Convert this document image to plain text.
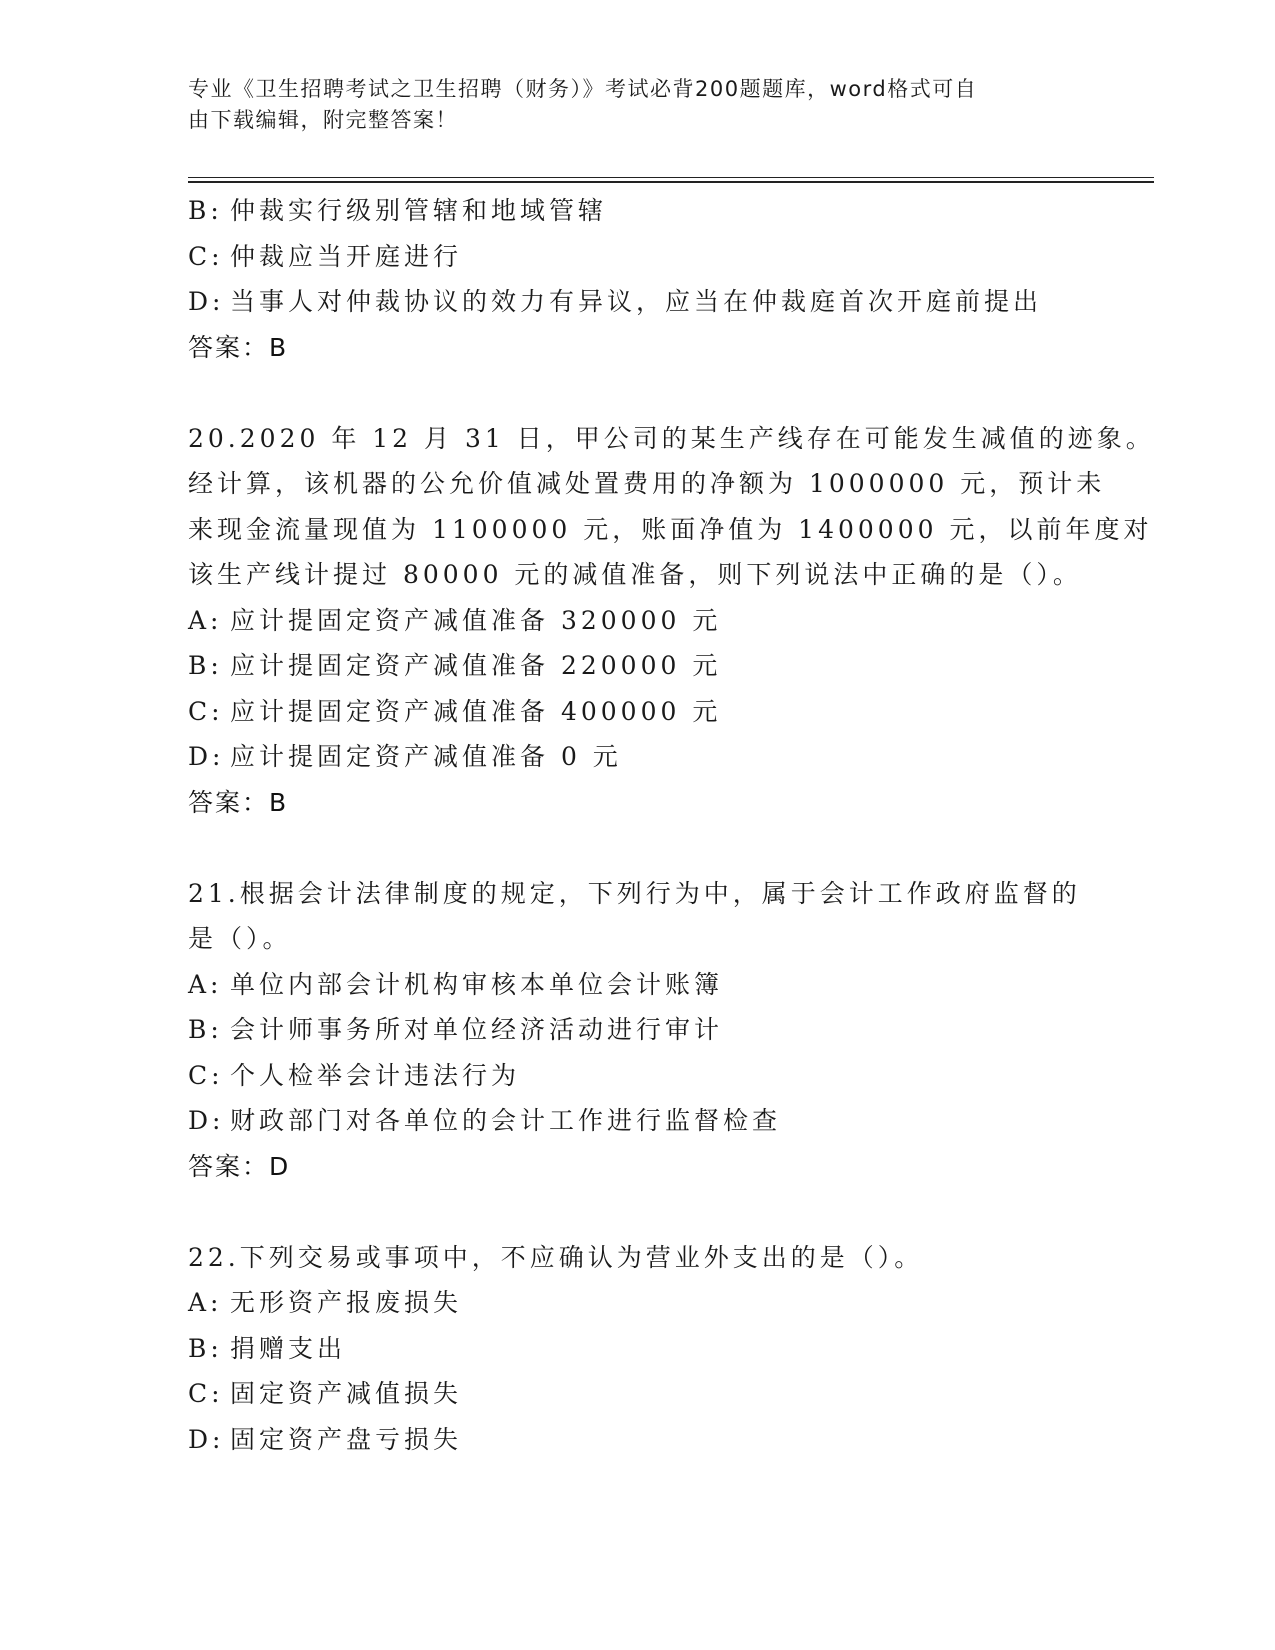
专业《卫生招聘考试之卫生招聘（财务）》考试必背200题题库，word格式可自
由下载编辑，附完整答案！
B: 仲裁实行级别管辖和地域管辖
C: 仲裁应当开庭进行
D: 当事人对仲裁协议的效力有异议，应当在仲裁庭首次开庭前提出
答案：B
20.2020 年 12 月 31 日，甲公司的某生产线存在可能发生减值的迹象。
经计算，该机器的公允价值减处置费用的净额为 1000000 元，预计未
来现金流量现值为 1100000 元，账面净值为 1400000 元，以前年度对
该生产线计提过 80000 元的减值准备，则下列说法中正确的是（）。
A: 应计提固定资产减值准备 320000 元
B: 应计提固定资产减值准备 220000 元
C: 应计提固定资产减值准备 400000 元
D: 应计提固定资产减值准备 0 元
答案：B
21.根据会计法律制度的规定，下列行为中，属于会计工作政府监督的
是（）。
A: 单位内部会计机构审核本单位会计账簿
B: 会计师事务所对单位经济活动进行审计
C: 个人检举会计违法行为
D: 财政部门对各单位的会计工作进行监督检查
答案：D
22.下列交易或事项中，不应确认为营业外支出的是（）。
A: 无形资产报废损失
B: 捐赠支出
C: 固定资产减值损失
D: 固定资产盘亏损失
